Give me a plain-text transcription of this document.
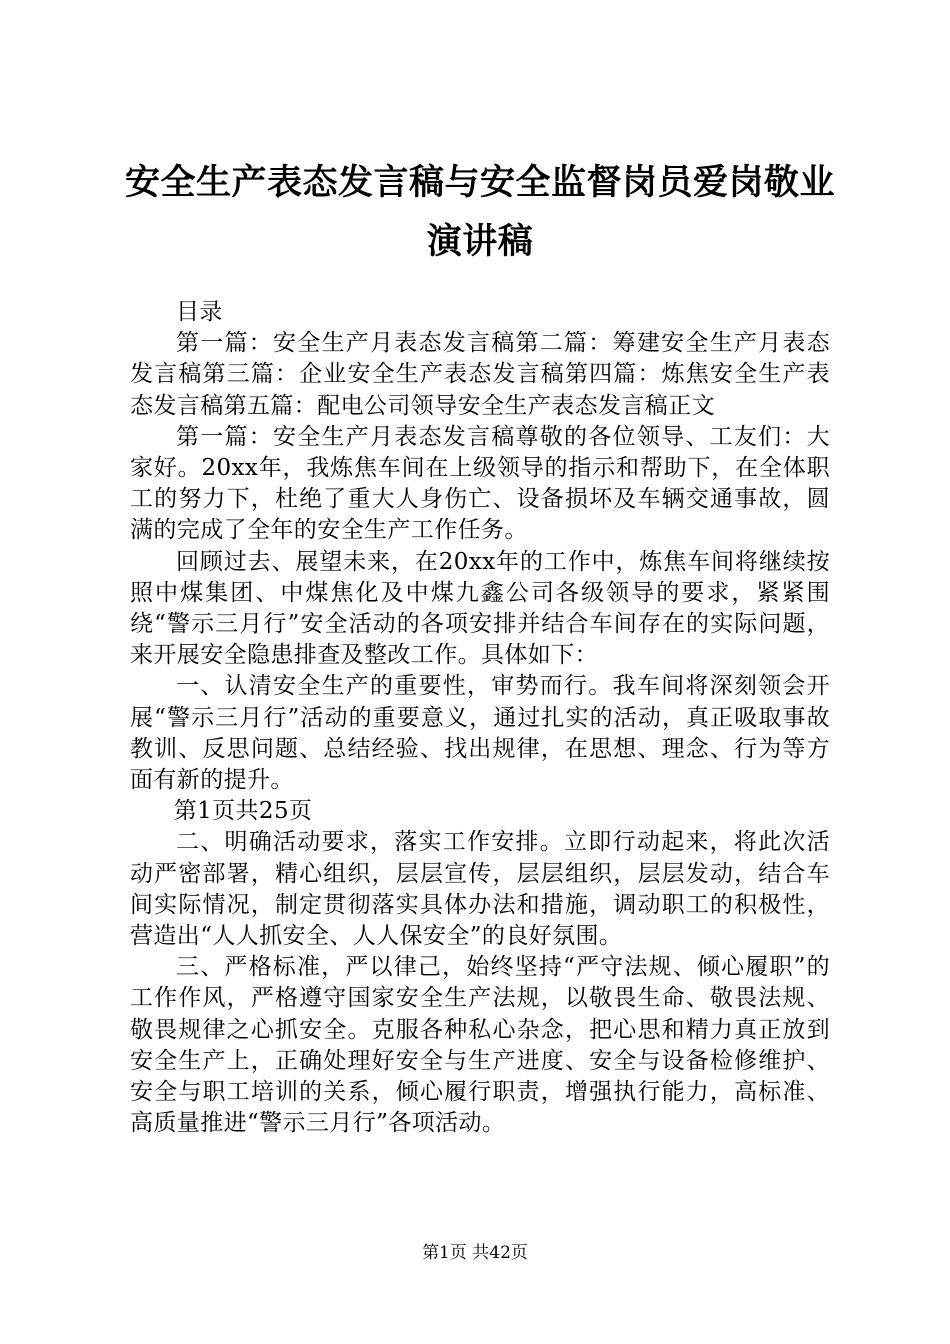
安全生产表态发言稿与安全监督岗员爱岗敬业
演讲稿

目录

第一篇：安全生产月表态发言稿第二篇：筹建安全生产月表态发言稿第三篇：企业安全生产表态发言稿第四篇：炼焦安全生产表态发言稿第五篇：配电公司领导安全生产表态发言稿正文

第一篇：安全生产月表态发言稿尊敬的各位领导、工友们：大家好。20xx年，我炼焦车间在上级领导的指示和帮助下，在全体职工的努力下，杜绝了重大人身伤亡、设备损坏及车辆交通事故，圆满的完成了全年的安全生产工作任务。

回顾过去、展望未来，在20xx年的工作中，炼焦车间将继续按照中煤集团、中煤焦化及中煤九鑫公司各级领导的要求，紧紧围绕“警示三月行”安全活动的各项安排并结合车间存在的实际问题，来开展安全隐患排查及整改工作。具体如下：

一、认清安全生产的重要性，审势而行。我车间将深刻领会开展“警示三月行”活动的重要意义，通过扎实的活动，真正吸取事故教训、反思问题、总结经验、找出规律，在思想、理念、行为等方面有新的提升。

第1页共25页

二、明确活动要求，落实工作安排。立即行动起来，将此次活动严密部署，精心组织，层层宣传，层层组织，层层发动，结合车间实际情况，制定贯彻落实具体办法和措施，调动职工的积极性，营造出“人人抓安全、人人保安全”的良好氛围。

三、严格标准，严以律己，始终坚持“严守法规、倾心履职”的工作作风，严格遵守国家安全生产法规，以敬畏生命、敬畏法规、敬畏规律之心抓安全。克服各种私心杂念，把心思和精力真正放到安全生产上，正确处理好安全与生产进度、安全与设备检修维护、安全与职工培训的关系，倾心履行职责，增强执行能力，高标准、高质量推进“警示三月行”各项活动。

第1页 共42页
